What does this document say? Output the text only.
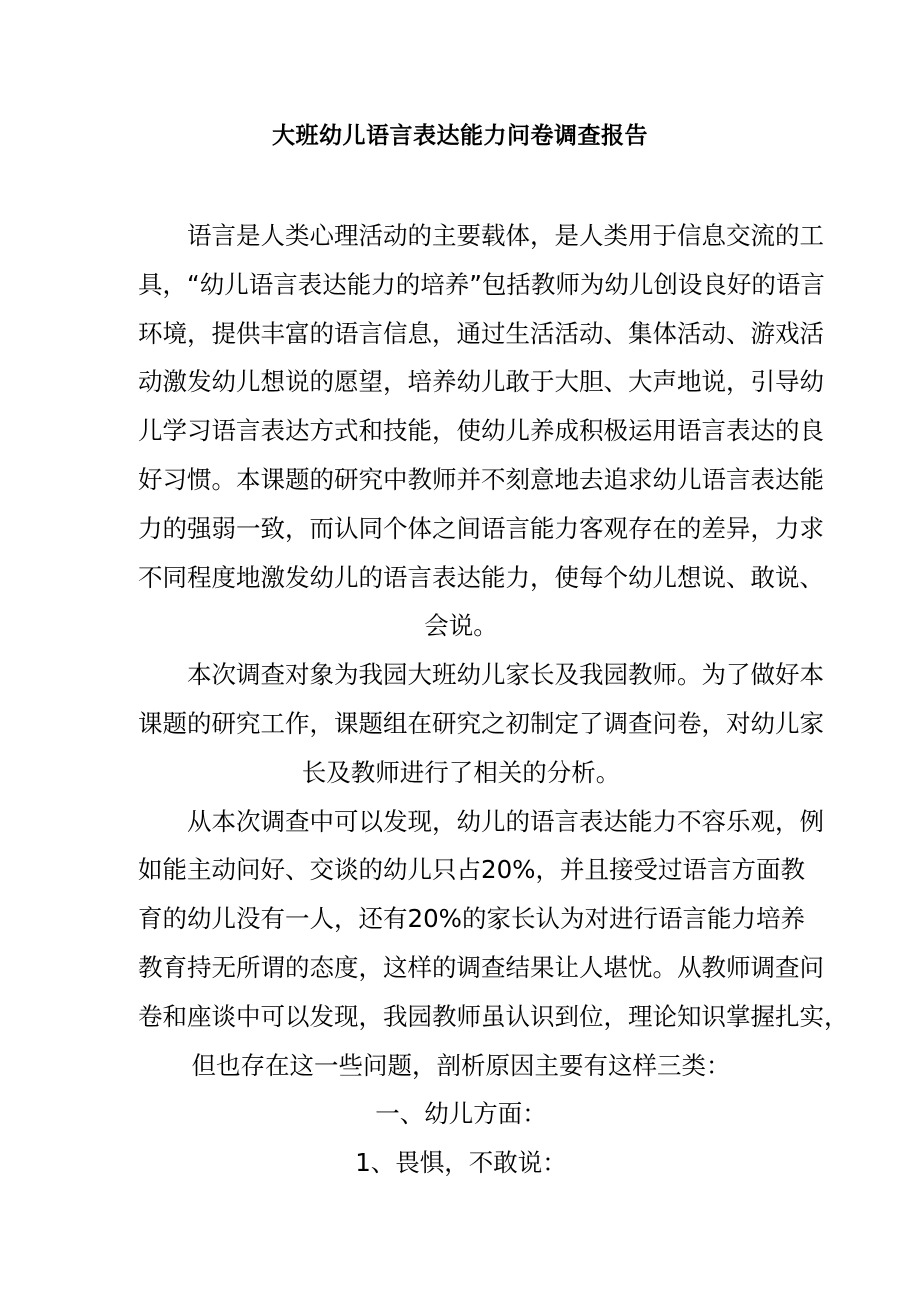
大班幼儿语言表达能力问卷调查报告
语言是人类心理活动的主要载体，是人类用于信息交流的工
具，“幼儿语言表达能力的培养”包括教师为幼儿创设良好的语言
环境，提供丰富的语言信息，通过生活活动、集体活动、游戏活
动激发幼儿想说的愿望，培养幼儿敢于大胆、大声地说，引导幼
儿学习语言表达方式和技能，使幼儿养成积极运用语言表达的良
好习惯。本课题的研究中教师并不刻意地去追求幼儿语言表达能
力的强弱一致，而认同个体之间语言能力客观存在的差异，力求
不同程度地激发幼儿的语言表达能力，使每个幼儿想说、敢说、
会说。
本次调查对象为我园大班幼儿家长及我园教师。为了做好本
课题的研究工作，课题组在研究之初制定了调查问卷，对幼儿家
长及教师进行了相关的分析。
从本次调查中可以发现，幼儿的语言表达能力不容乐观，例
如能主动问好、交谈的幼儿只占20%，并且接受过语言方面教
育的幼儿没有一人，还有20%的家长认为对进行语言能力培养
教育持无所谓的态度，这样的调查结果让人堪忧。从教师调查问
卷和座谈中可以发现，我园教师虽认识到位，理论知识掌握扎实，
但也存在这一些问题，剖析原因主要有这样三类：
一、幼儿方面：
1、畏惧，不敢说：
